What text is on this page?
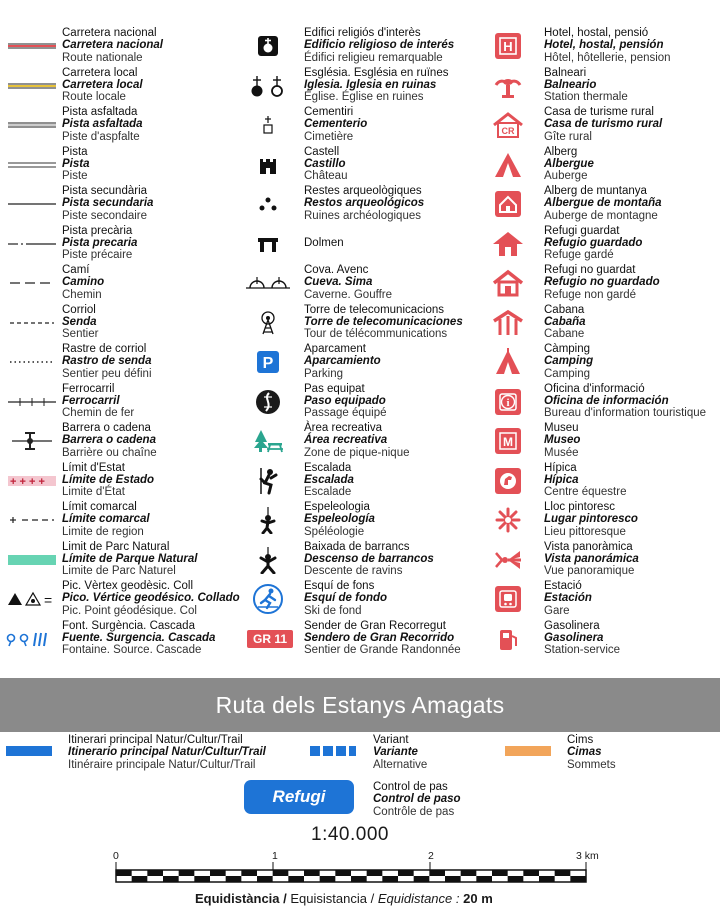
Carretera nacional
Carretera nacional
Route nationale
Carretera local
Carretera local
Route locale
Pista asfaltada
Pista asfaltada
Piste d'aspfalte
Pista
Pista
Piste
Pista secundària
Pista secundaria
Piste secondaire
Pista precària
Pista precaria
Piste précaire
Camí
Camino
Chemin
Corriol
Senda
Sentier
Rastre de corriol
Rastro de senda
Sentier peu défini
Ferrocarril
Ferrocarril
Chemin de fer
Barrera o cadena
Barrera o cadena
Barrière ou chaîne
+ + + +
Límit d'Estat
Límite de Estado
Limite d'État
Límit comarcal
Límite comarcal
Limite de region
Limit de Parc Natural
Límite de Parque Natural
Limite de Parc Naturel
=
Pic. Vèrtex geodèsic. Coll
Pico. Vértice geodésico. Collado
Pic. Point géodésique. Col
Font. Surgència. Cascada
Fuente. Surgencia. Cascada
Fontaine. Source. Cascade
Edifici religiós d'interès
Edificio religioso de interés
Édifici religieu remarquable
Església. Església en ruïnes
Iglesia. Iglesia en ruinas
Église. Église en ruines
Cementiri
Cementerio
Cimetière
Castell
Castillo
Château
Restes arqueològiques
Restos arqueológicos
Ruines archéologiques
Dolmen
Cova. Avenc
Cueva. Sima
Caverne. Gouffre
Torre de telecomunicacions
Torre de telecomunicaciones
Tour de télécommunications
P
Aparcament
Aparcamiento
Parking
Pas equipat
Paso equipado
Passage équipé
Àrea recreativa
Área recreativa
Zone de pique-nique
Escalada
Escalada
Escalade
Espeleologia
Espeleología
Spéléologie
Baixada de barrancs
Descenso de barrancos
Descente de ravins
Esquí de fons
Esquí de fondo
Ski de fond
GR 11
Sender de Gran Recorregut
Sendero de Gran Recorrido
Sentier de Grande Randonnée
H
Hotel, hostal, pensió
Hotel, hostal, pensión
Hôtel, hôtellerie, pension
Balneari
Balneario
Station thermale
CR
Casa de turisme rural
Casa de turismo rural
Gîte rural
Alberg
Albergue
Auberge
Alberg de muntanya
Albergue de montaña
Auberge de montagne
Refugi guardat
Refugio guardado
Refuge gardé
Refugi no guardat
Refugio no guardado
Refuge non gardé
Cabana
Cabaña
Cabane
Càmping
Camping
Camping
i
Oficina d'informació
Oficina de información
Bureau d'information touristique
M
Museu
Museo
Musée
Hípica
Hípica
Centre équestre
Lloc pintoresc
Lugar pintoresco
Lieu pittoresque
Vista panoràmica
Vista panorámica
Vue panoramique
Estació
Estación
Gare
Gasolinera
Gasolinera
Station-service
Ruta dels Estanys Amagats
Itinerari principal Natur/Cultur/Trail
Itinerario principal Natur/Cultur/Trail
Itinéraire principale Natur/Cultur/Trail
Variant
Variante
Alternative
Cims
Cimas
Sommets
Refugi	Control de pas
Control de paso
Contrôle de pas
1:40.000
0	1	2	3 km
Equidistància / Equisistancia / Equidistance : 20 m
